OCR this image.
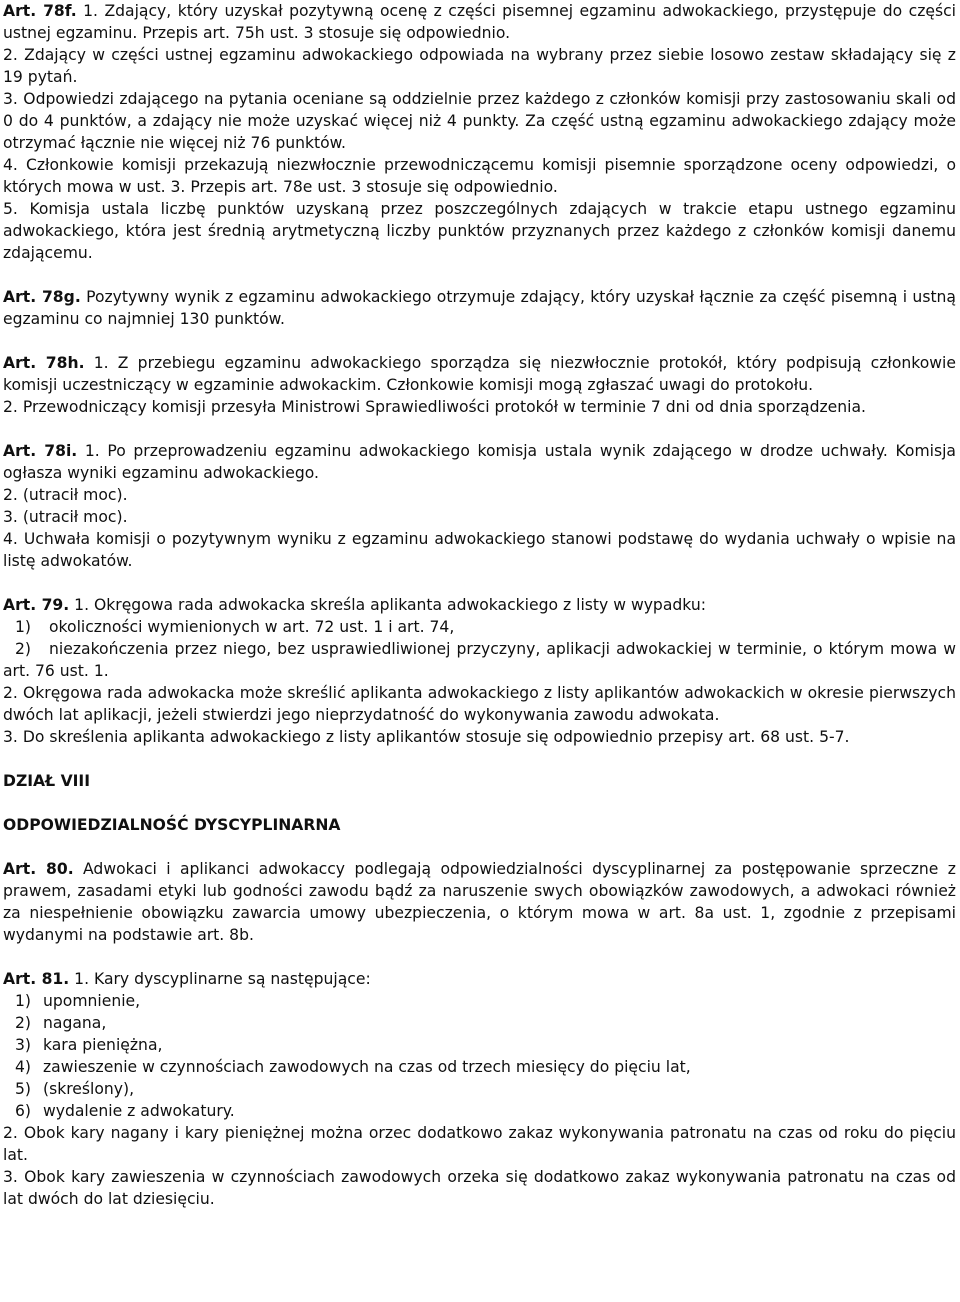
Art. 78f. 1. Zdający, który uzyskał pozytywną ocenę z części pisemnej egzaminu adwokackiego, przystępuje do części ustnej egzaminu. Przepis art. 75h ust. 3 stosuje się odpowiednio.

2. Zdający w części ustnej egzaminu adwokackiego odpowiada na wybrany przez siebie losowo zestaw składający się z 19 pytań.

3. Odpowiedzi zdającego na pytania oceniane są oddzielnie przez każdego z członków komisji przy zastosowaniu skali od 0 do 4 punktów, a zdający nie może uzyskać więcej niż 4 punkty. Za część ustną egzaminu adwokackiego zdający może otrzymać łącznie nie więcej niż 76 punktów.

4. Członkowie komisji przekazują niezwłocznie przewodniczącemu komisji pisemnie sporządzone oceny odpowiedzi, o których mowa w ust. 3. Przepis art. 78e ust. 3 stosuje się odpowiednio.

5. Komisja ustala liczbę punktów uzyskaną przez poszczególnych zdających w trakcie etapu ustnego egzaminu adwokackiego, która jest średnią arytmetyczną liczby punktów przyznanych przez każdego z członków komisji danemu zdającemu.

Art. 78g. Pozytywny wynik z egzaminu adwokackiego otrzymuje zdający, który uzyskał łącznie za część pisemną i ustną egzaminu co najmniej 130 punktów.

Art. 78h. 1. Z przebiegu egzaminu adwokackiego sporządza się niezwłocznie protokół, który podpisują członkowie komisji uczestniczący w egzaminie adwokackim. Członkowie komisji mogą zgłaszać uwagi do protokołu.

2. Przewodniczący komisji przesyła Ministrowi Sprawiedliwości protokół w terminie 7 dni od dnia sporządzenia.

Art. 78i. 1. Po przeprowadzeniu egzaminu adwokackiego komisja ustala wynik zdającego w drodze uchwały. Komisja ogłasza wyniki egzaminu adwokackiego.

2. (utracił moc).

3. (utracił moc).

4. Uchwała komisji o pozytywnym wyniku z egzaminu adwokackiego stanowi podstawę do wydania uchwały o wpisie na listę adwokatów.

Art. 79. 1. Okręgowa rada adwokacka skreśla aplikanta adwokackiego z listy w wypadku:

1) okoliczności wymienionych w art. 72 ust. 1 i art. 74,

2) niezakończenia przez niego, bez usprawiedliwionej przyczyny, aplikacji adwokackiej w terminie, o którym mowa w art. 76 ust. 1.

2. Okręgowa rada adwokacka może skreślić aplikanta adwokackiego z listy aplikantów adwokackich w okresie pierwszych dwóch lat aplikacji, jeżeli stwierdzi jego nieprzydatność do wykonywania zawodu adwokata.

3. Do skreślenia aplikanta adwokackiego z listy aplikantów stosuje się odpowiednio przepisy art. 68 ust. 5-7.

DZIAŁ VIII

ODPOWIEDZIALNOŚĆ DYSCYPLINARNA

Art. 80. Adwokaci i aplikanci adwokaccy podlegają odpowiedzialności dyscyplinarnej za postępowanie sprzeczne z prawem, zasadami etyki lub godności zawodu bądź za naruszenie swych obowiązków zawodowych, a adwokaci również za niespełnienie obowiązku zawarcia umowy ubezpieczenia, o którym mowa w art. 8a ust. 1, zgodnie z przepisami wydanymi na podstawie art. 8b.

Art. 81. 1. Kary dyscyplinarne są następujące:

1) upomnienie,
2) nagana,
3) kara pieniężna,
4) zawieszenie w czynnościach zawodowych na czas od trzech miesięcy do pięciu lat,
5) (skreślony),
6) wydalenie z adwokatury.

2. Obok kary nagany i kary pieniężnej można orzec dodatkowo zakaz wykonywania patronatu na czas od roku do pięciu lat.

3. Obok kary zawieszenia w czynnościach zawodowych orzeka się dodatkowo zakaz wykonywania patronatu na czas od lat dwóch do lat dziesięciu.
